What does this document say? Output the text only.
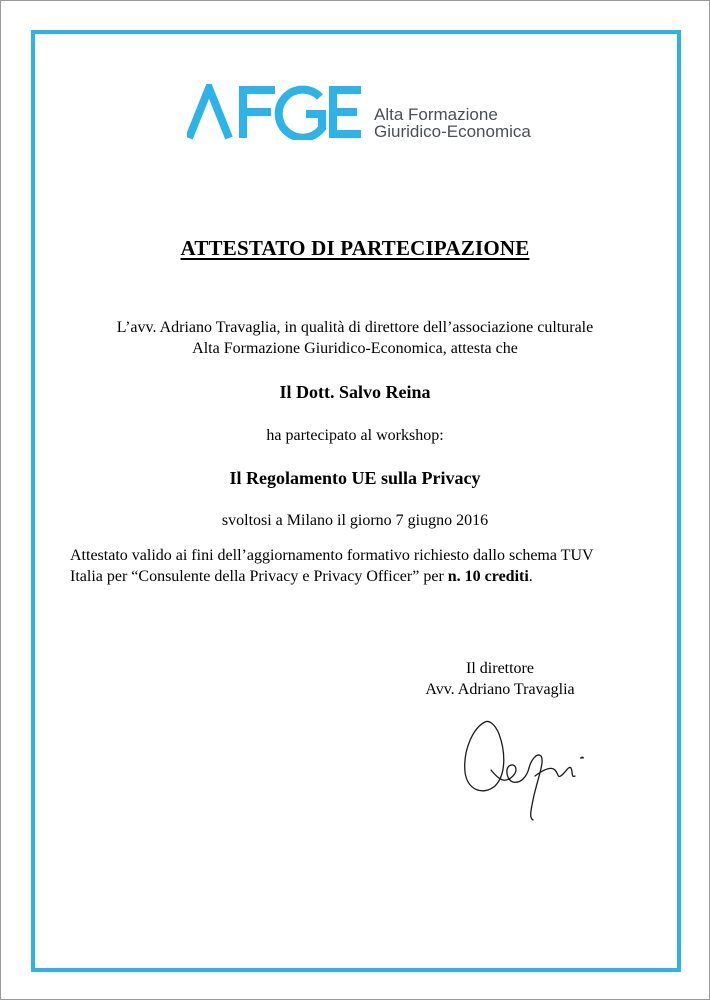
Alta Formazione
Giuridico-Economica
ATTESTATO DI PARTECIPAZIONE
L’avv. Adriano Travaglia, in qualità di direttore dell’associazione culturale
Alta Formazione Giuridico-Economica, attesta che
Il Dott. Salvo Reina
ha partecipato al workshop:
Il Regolamento UE sulla Privacy
svoltosi a Milano il giorno 7 giugno 2016
Attestato valido ai fini dell’aggiornamento formativo richiesto dallo schema TUV
Italia per “Consulente della Privacy e Privacy Officer” per n. 10 crediti.
Il direttore
Avv. Adriano Travaglia
